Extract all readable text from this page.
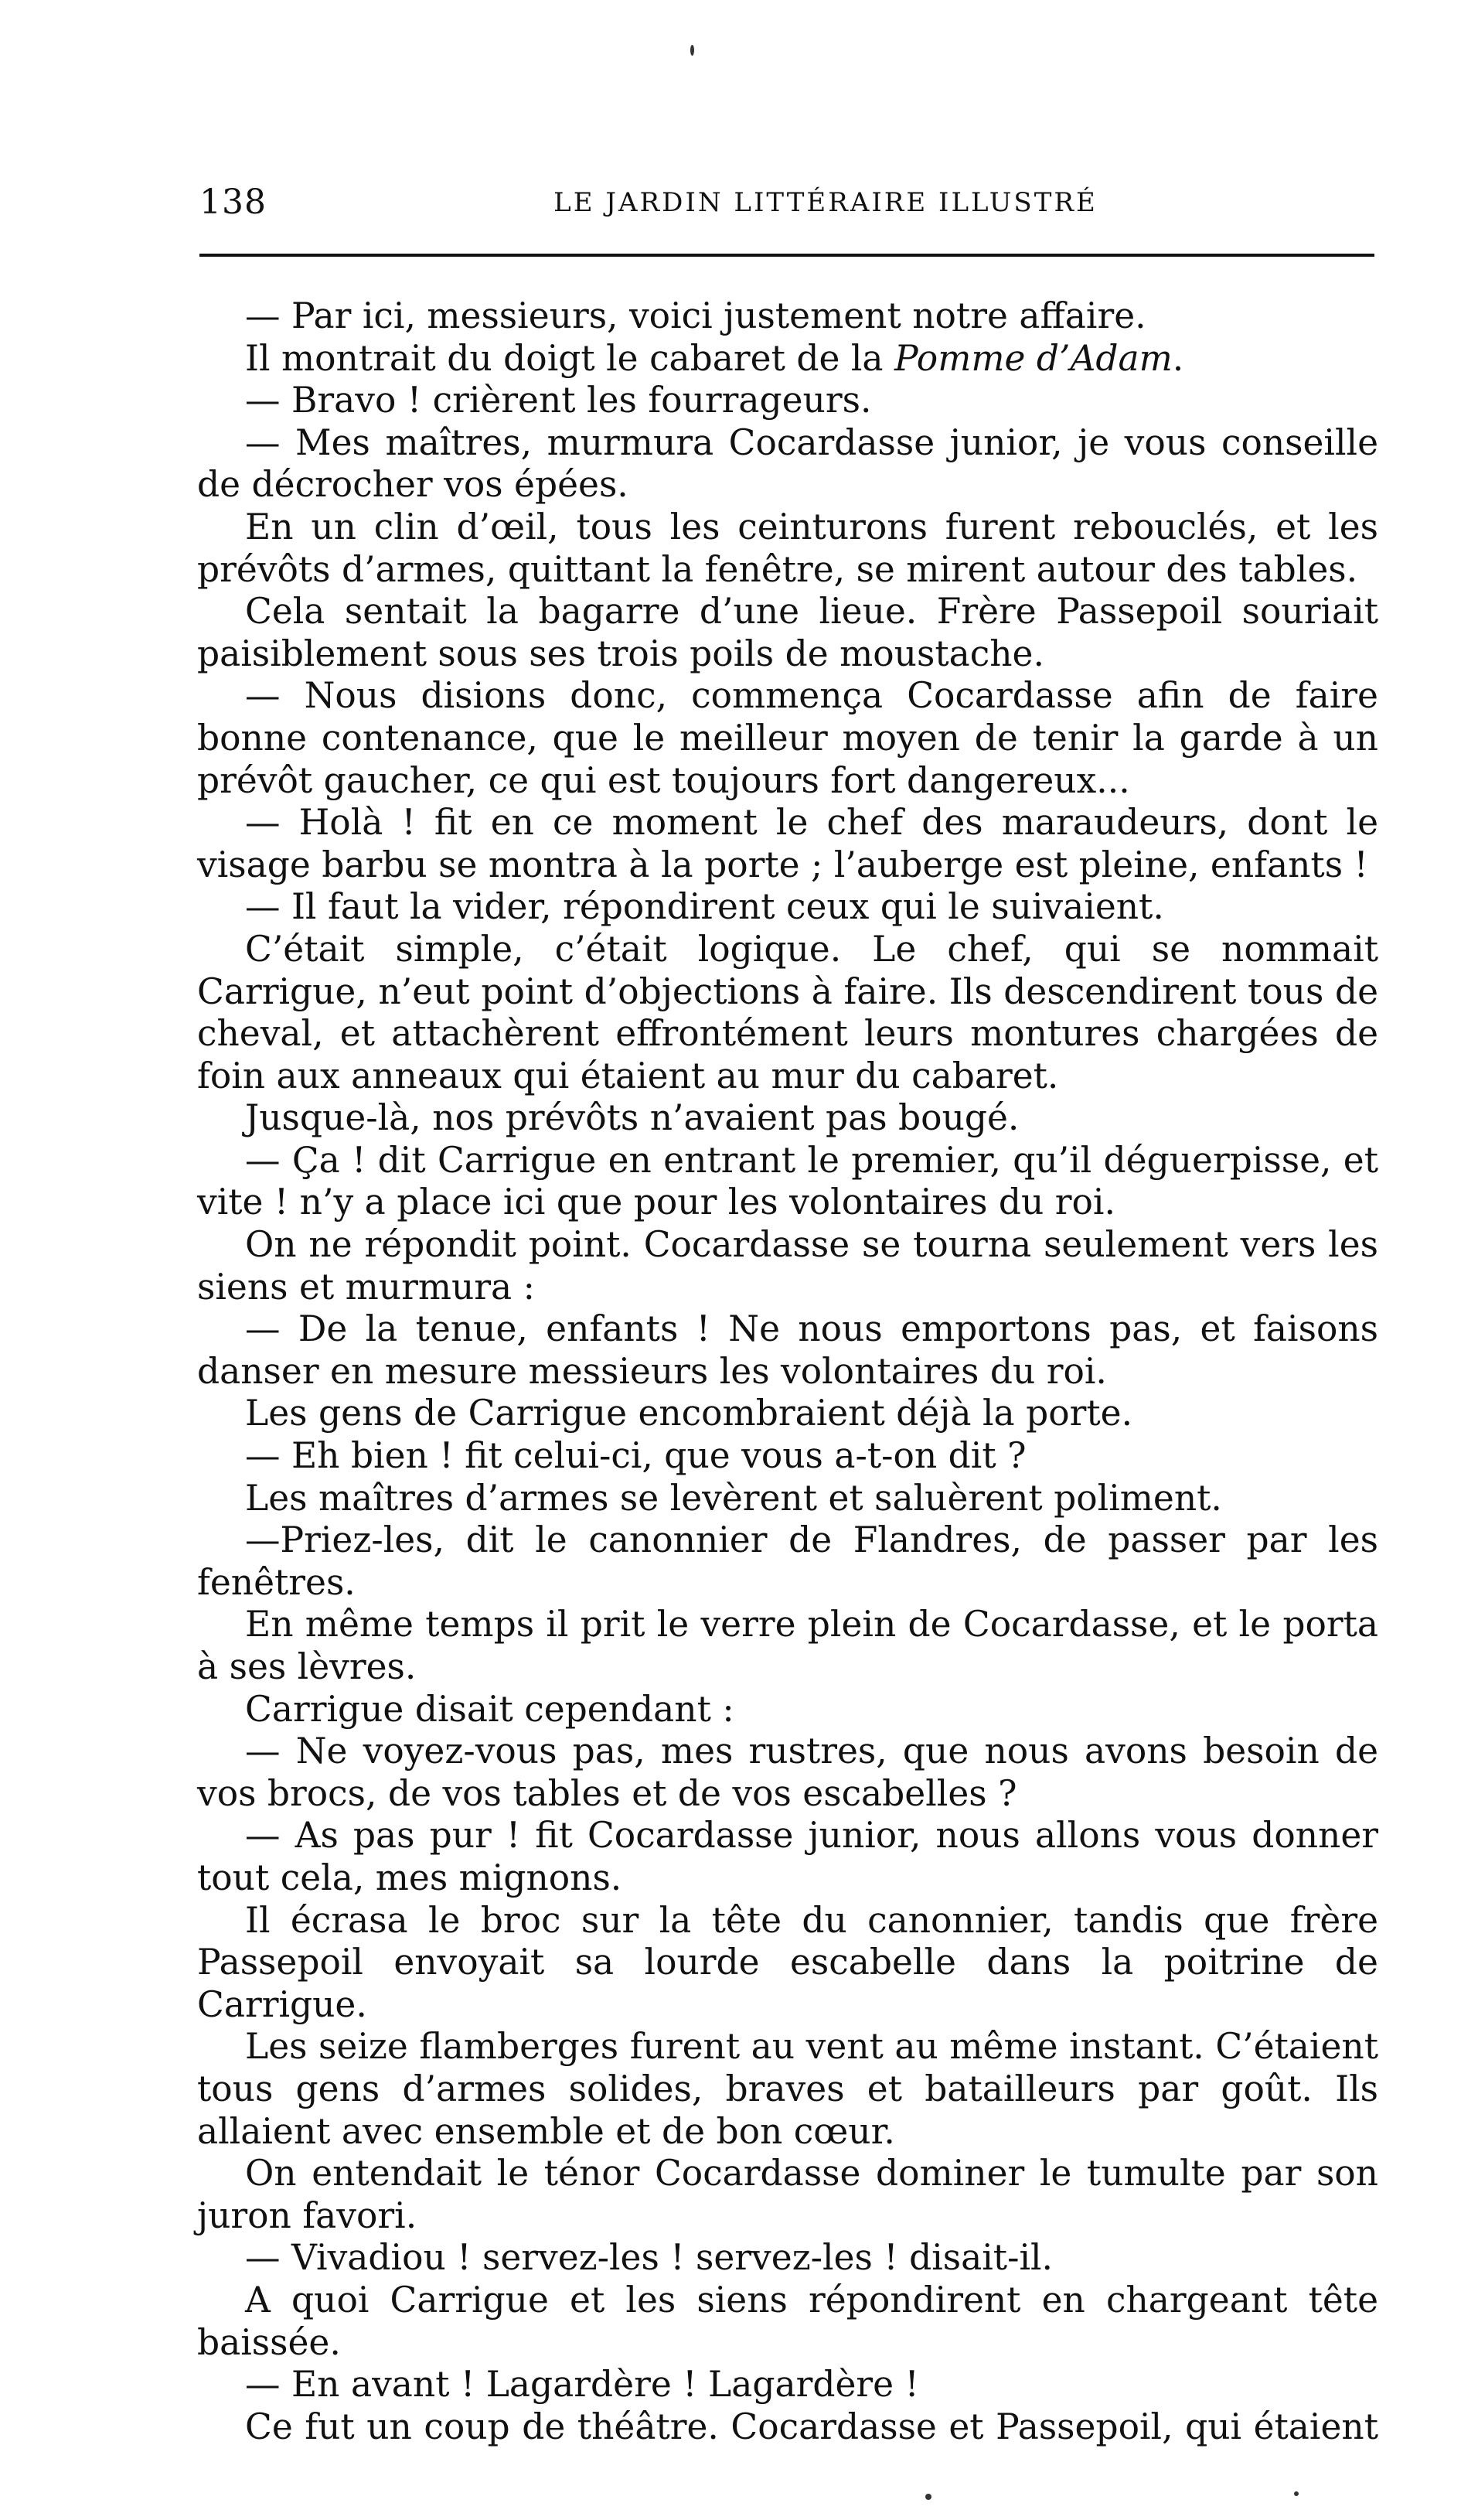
138	LE JARDIN LITTÉRAIRE ILLUSTRÉ

— Par ici, messieurs, voici justement notre affaire.

Il montrait du doigt le cabaret de la Pomme d’Adam.

— Bravo ! crièrent les fourrageurs.

— Mes maîtres, murmura Cocardasse junior, je vous conseille de décrocher vos épées.

En un clin d’œil, tous les ceinturons furent rebouclés, et les prévôts d’armes, quittant la fenêtre, se mirent autour des tables.

Cela sentait la bagarre d’une lieue. Frère Passepoil souriait paisiblement sous ses trois poils de moustache.

— Nous disions donc, commença Cocardasse afin de faire bonne contenance, que le meilleur moyen de tenir la garde à un prévôt gaucher, ce qui est toujours fort dangereux...

— Holà ! fit en ce moment le chef des maraudeurs, dont le visage barbu se montra à la porte ; l’auberge est pleine, enfants !

— Il faut la vider, répondirent ceux qui le suivaient.

C’était simple, c’était logique. Le chef, qui se nommait Carrigue, n’eut point d’objections à faire. Ils descendirent tous de cheval, et attachèrent effrontément leurs montures chargées de foin aux anneaux qui étaient au mur du cabaret.

Jusque-là, nos prévôts n’avaient pas bougé.

— Ça ! dit Carrigue en entrant le premier, qu’il déguerpisse, et vite ! n’y a place ici que pour les volontaires du roi.

On ne répondit point. Cocardasse se tourna seulement vers les siens et murmura :

— De la tenue, enfants ! Ne nous emportons pas, et faisons danser en mesure messieurs les volontaires du roi.

Les gens de Carrigue encombraient déjà la porte.

— Eh bien ! fit celui-ci, que vous a-t-on dit ?

Les maîtres d’armes se levèrent et saluèrent poliment.

—Priez-les, dit le canonnier de Flandres, de passer par les fenêtres.

En même temps il prit le verre plein de Cocardasse, et le porta à ses lèvres.

Carrigue disait cependant :

— Ne voyez-vous pas, mes rustres, que nous avons besoin de vos brocs, de vos tables et de vos escabelles ?

— As pas pur ! fit Cocardasse junior, nous allons vous donner tout cela, mes mignons.

Il écrasa le broc sur la tête du canonnier, tandis que frère Passepoil envoyait sa lourde escabelle dans la poitrine de Carrigue.

Les seize flamberges furent au vent au même instant. C’étaient tous gens d’armes solides, braves et batailleurs par goût. Ils allaient avec ensemble et de bon cœur.

On entendait le ténor Cocardasse dominer le tumulte par son juron favori.

— Vivadiou ! servez-les ! servez-les ! disait-il.

A quoi Carrigue et les siens répondirent en chargeant tête baissée.

— En avant ! Lagardère ! Lagardère !

Ce fut un coup de théâtre. Cocardasse et Passepoil, qui étaient
